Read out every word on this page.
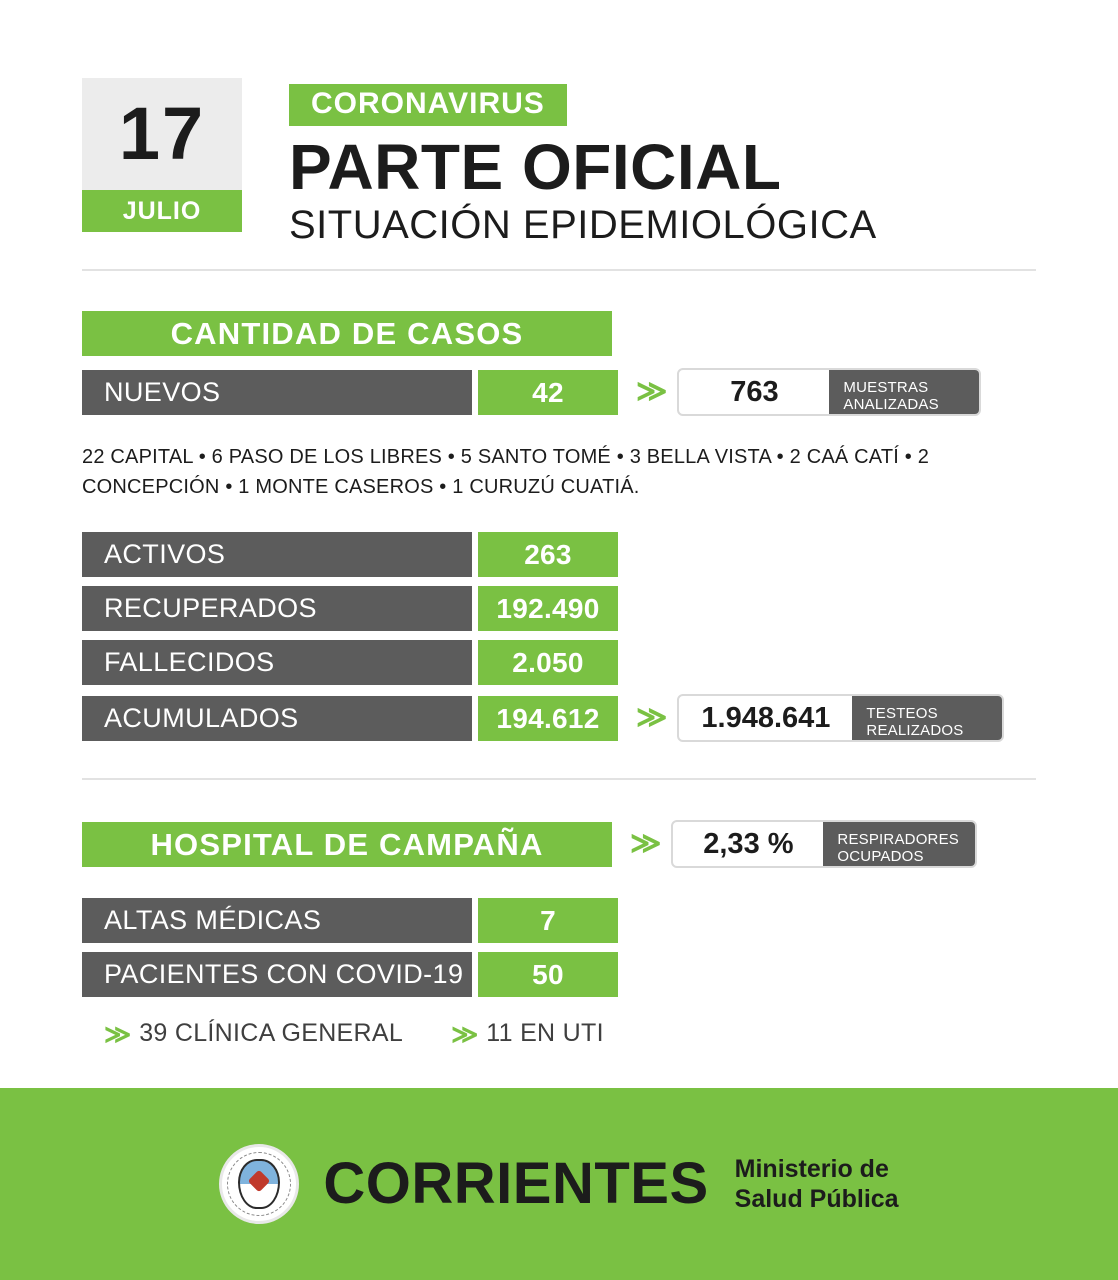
17
JULIO
CORONAVIRUS
PARTE OFICIAL
SITUACIÓN EPIDEMIOLÓGICA
CANTIDAD DE CASOS
NUEVOS	42	≫	763	MUESTRAS
ANALIZADAS
22 CAPITAL • 6 PASO DE LOS LIBRES • 5 SANTO TOMÉ • 3 BELLA VISTA • 2 CAÁ CATÍ • 2 CONCEPCIÓN • 1 MONTE CASEROS • 1 CURUZÚ CUATIÁ.
ACTIVOS	263
RECUPERADOS	192.490
FALLECIDOS	2.050
ACUMULADOS	194.612	≫	1.948.641	TESTEOS
REALIZADOS
HOSPITAL DE CAMPAÑA	≫	2,33 %	RESPIRADORES
OCUPADOS
ALTAS MÉDICAS	7
PACIENTES CON COVID-19	50
≫ 39 CLÍNICA GENERAL ≫ 11 EN UTI
CORRIENTES Ministerio de
Salud Pública
